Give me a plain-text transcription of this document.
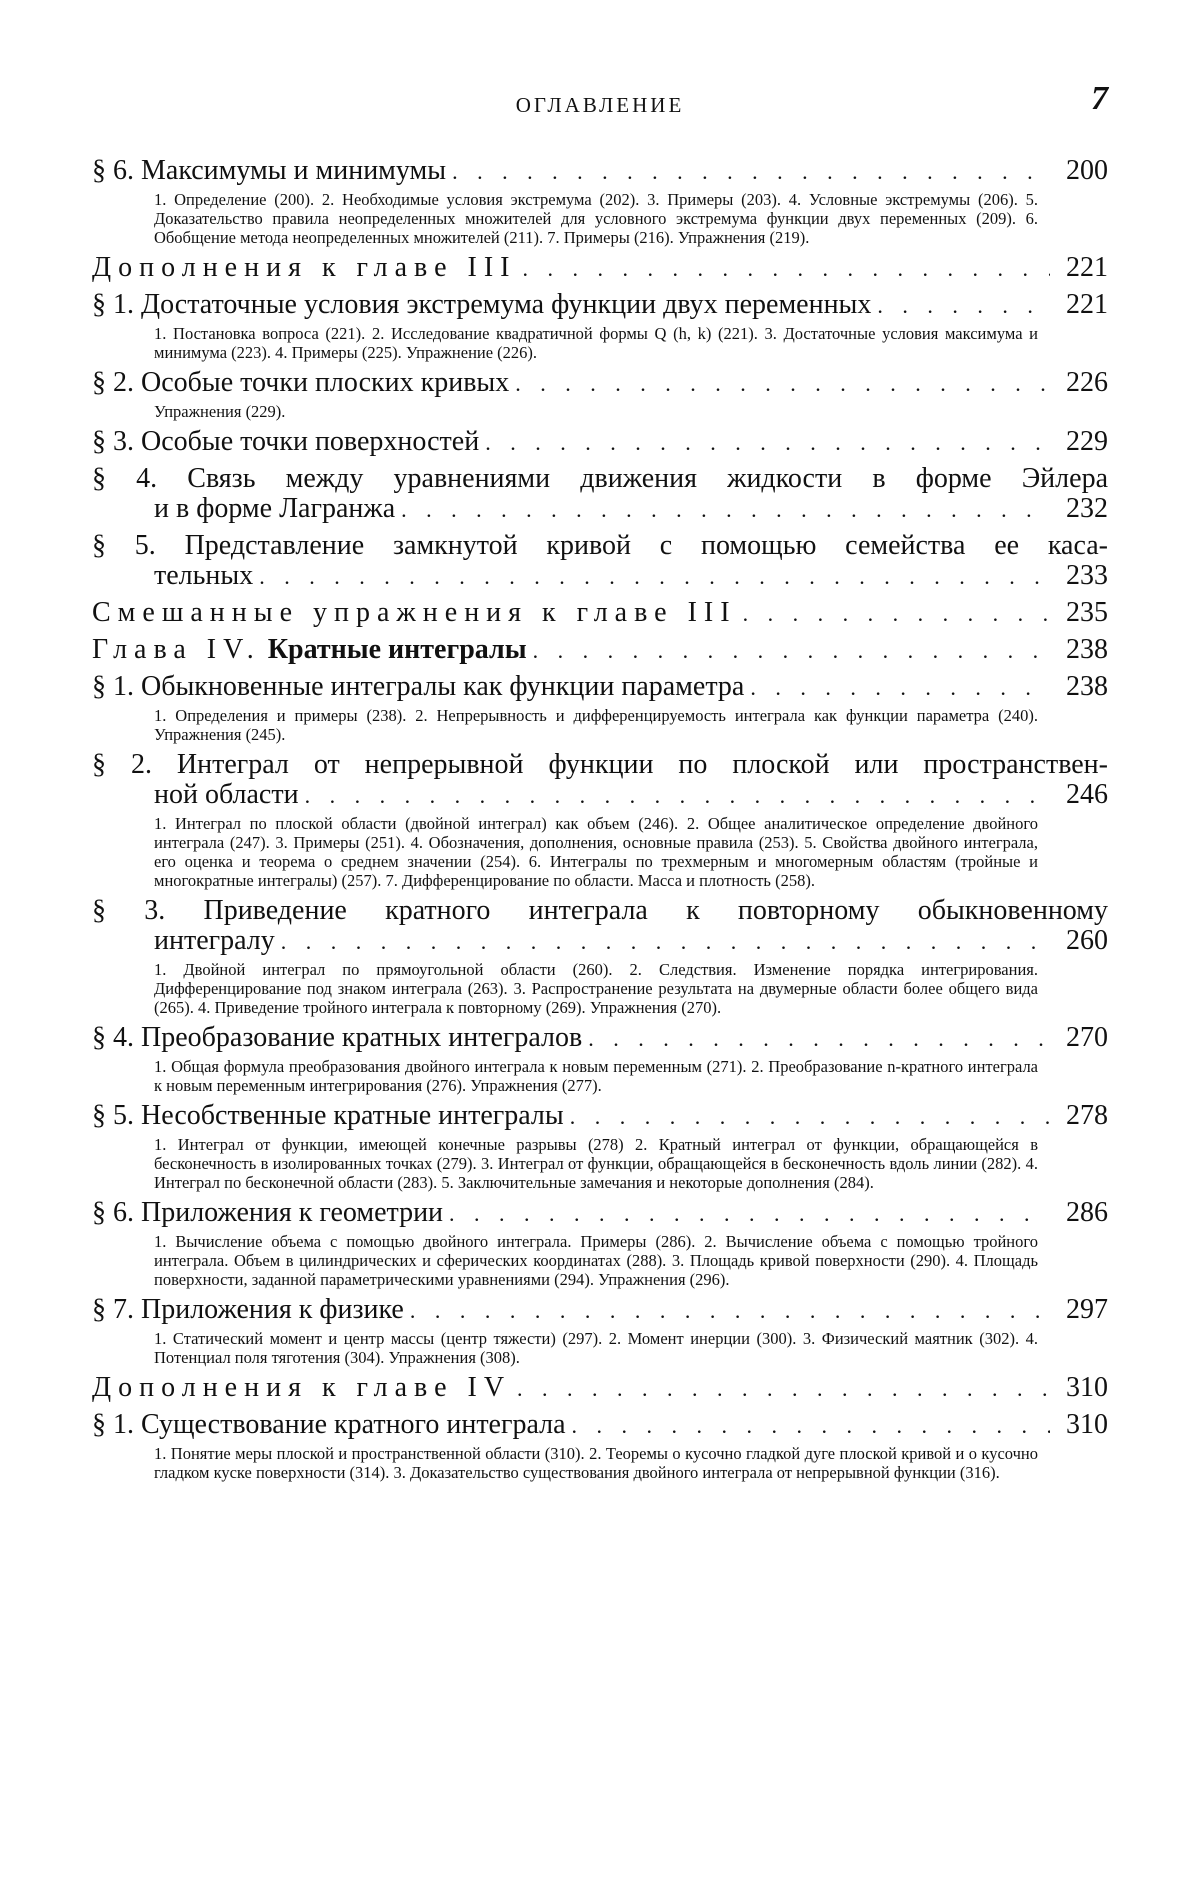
ОГЛАВЛЕНИЕ	7
§ 6. Максимумы и минимумы . . .	200
1. Определение (200). 2. Необходимые условия экстремума (202). 3. Примеры (203). 4. Условные экстремумы (206). 5. Доказательство правила неопределенных множителей для условного экстремума функции двух переменных (209). 6. Обобщение метода неопределенных множителей (211). 7. Примеры (216). Упражнения (219).
Дополнения к главе III . . .	221
§ 1. Достаточные условия экстремума функции двух переменных . . .	221
1. Постановка вопроса (221). 2. Исследование квадратичной формы Q (h, k) (221). 3. Достаточные условия максимума и минимума (223). 4. Примеры (225). Упражнение (226).
§ 2. Особые точки плоских кривых . . .	226
Упражнения (229).
§ 3. Особые точки поверхностей . . .	229
§ 4. Связь между уравнениями движения жидкости в форме Эйлера
и в форме Лагранжа . . .	232
§ 5. Представление замкнутой кривой с помощью семейства ее каса-
тельных . . .	233
Смешанные упражнения к главе III . . .	235
Глава IV. Кратные интегралы . . .	238
§ 1. Обыкновенные интегралы как функции параметра . . .	238
1. Определения и примеры (238). 2. Непрерывность и дифференцируемость интеграла как функции параметра (240). Упражнения (245).
§ 2. Интеграл от непрерывной функции по плоской или пространствен-
ной области . . .	246
1. Интеграл по плоской области (двойной интеграл) как объем (246). 2. Общее аналитическое определение двойного интеграла (247). 3. Примеры (251). 4. Обозначения, дополнения, основные правила (253). 5. Свойства двойного интеграла, его оценка и теорема о среднем значении (254). 6. Интегралы по трехмерным и многомерным областям (тройные и многократные интегралы) (257). 7. Дифференцирование по области. Масса и плотность (258).
§ 3. Приведение кратного интеграла к повторному обыкновенному
интегралу . . .	260
1. Двойной интеграл по прямоугольной области (260). 2. Следствия. Изменение порядка интегрирования. Дифференцирование под знаком интеграла (263). 3. Распространение результата на двумерные области более общего вида (265). 4. Приведение тройного интеграла к повторному (269). Упражнения (270).
§ 4. Преобразование кратных интегралов . . .	270
1. Общая формула преобразования двойного интеграла к новым переменным (271). 2. Преобразование n-кратного интеграла к новым переменным интегрирования (276). Упражнения (277).
§ 5. Несобственные кратные интегралы . . .	278
1. Интеграл от функции, имеющей конечные разрывы (278) 2. Кратный интеграл от функции, обращающейся в бесконечность в изолированных точках (279). 3. Интеграл от функции, обращающейся в бесконечность вдоль линии (282). 4. Интеграл по бесконечной области (283). 5. Заключительные замечания и некоторые дополнения (284).
§ 6. Приложения к геометрии . . .	286
1. Вычисление объема с помощью двойного интеграла. Примеры (286). 2. Вычисление объема с помощью тройного интеграла. Объем в цилиндрических и сферических координатах (288). 3. Площадь кривой поверхности (290). 4. Площадь поверхности, заданной параметрическими уравнениями (294). Упражнения (296).
§ 7. Приложения к физике . . .	297
1. Статический момент и центр массы (центр тяжести) (297). 2. Момент инерции (300). 3. Физический маятник (302). 4. Потенциал поля тяготения (304). Упражнения (308).
Дополнения к главе IV . . .	310
§ 1. Существование кратного интеграла . . .	310
1. Понятие меры плоской и пространственной области (310). 2. Теоремы о кусочно гладкой дуге плоской кривой и о кусочно гладком куске поверхности (314). 3. Доказательство существования двойного интеграла от непрерывной функции (316).
